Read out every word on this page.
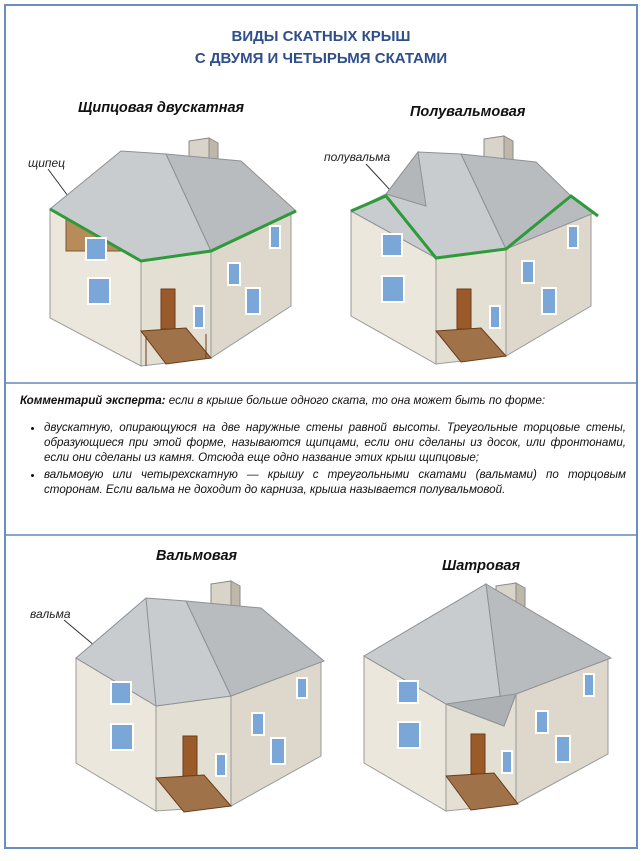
ВИДЫ СКАТНЫХ КРЫШ
С ДВУМЯ И ЧЕТЫРЬМЯ СКАТАМИ
Щипцовая двускатная
щипец
Полувальмовая
полувальма

Комментарий эксперта: если в крыше больше одного ската, то она может быть по форме:

• двускатную, опирающуюся на две наружные стены равной высоты. Треугольные торцовые стены, образующиеся при этой форме, называются щипцами, если они сделаны из досок, или фронтонами, если они сделаны из камня. Отсюда еще одно название этих крыш щипцовые;
• вальмовую или четырехскатную — крышу с треугольными скатами (вальмами) по торцовым сторонам. Если вальма не доходит до карниза, крыша называется полувальмовой.
Вальмовая
вальма
Шатровая
